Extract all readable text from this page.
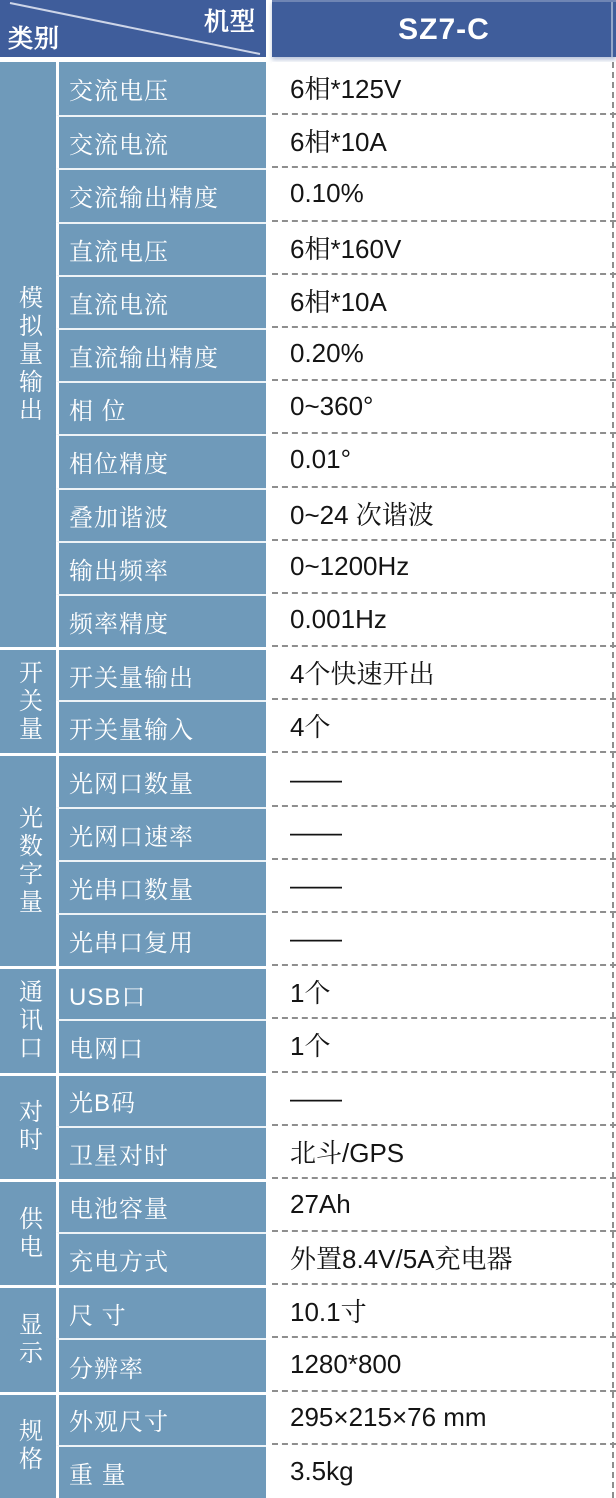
类别
机型	SZ7-C
模拟量输出
交流电压	6相*125V
交流电流	6相*10A
交流输出精度	0.10%
直流电压	6相*160V
直流电流	6相*10A
直流输出精度	0.20%
相 位	0~360°
相位精度	0.01°
叠加谐波	0~24 次谐波
输出频率	0~1200Hz
频率精度	0.001Hz
开关量	开关量输出	4个快速开出
开关量输入	4个
光数字量
光网口数量	——
光网口速率	——
光串口数量	——
光串口复用	——
通讯口	USB口	1个
电网口	1个
对时	光B码	——
卫星对时	北斗/GPS
供电	电池容量	27Ah
充电方式	外置8.4V/5A充电器
显示	尺 寸	10.1寸
分辨率	1280*800
规格	外观尺寸	295×215×76 mm
重 量	3.5kg
